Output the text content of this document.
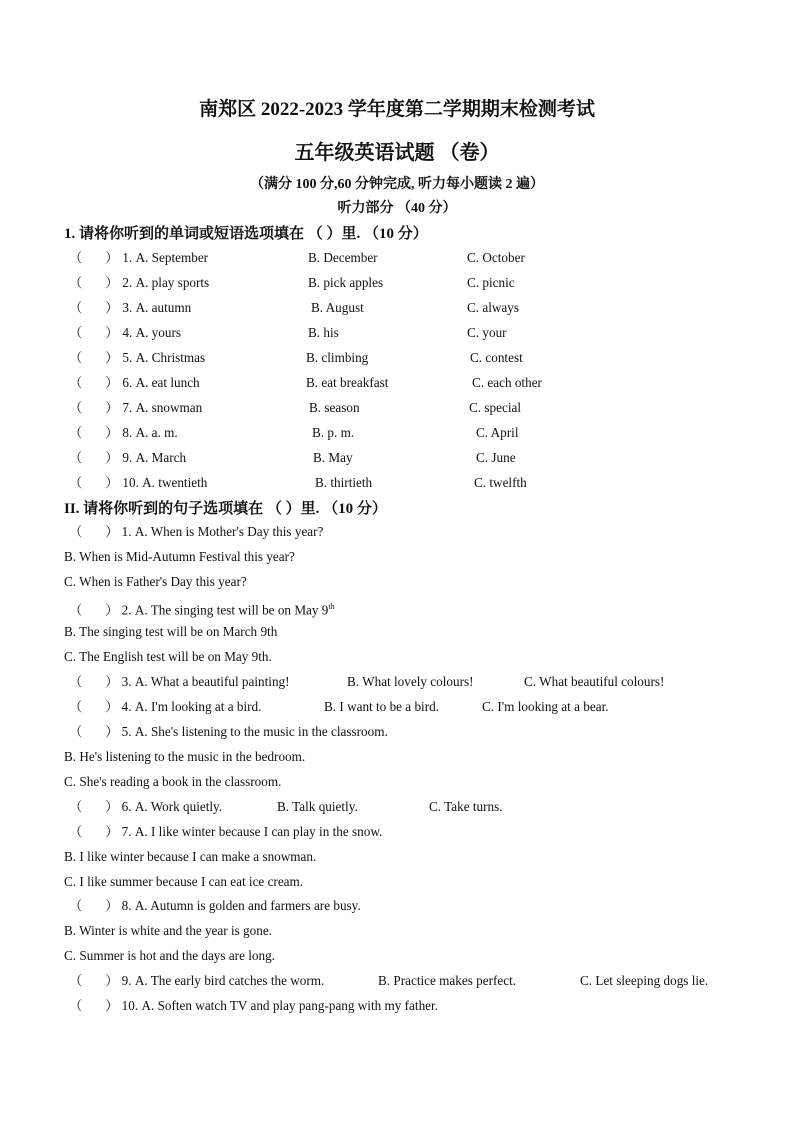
南郑区 2022-2023 学年度第二学期期末检测考试
五年级英语试题 （卷）
（满分 100 分,60 分钟完成, 听力每小题读 2 遍）
听力部分 （40 分）
1. 请将你听到的单词或短语选项填在 （ ）里. （10 分）
（ ） 1. A. September	B. December	C. October
（ ） 2. A. play sports	B. pick apples	C. picnic
（ ） 3. A. autumn	B. August	C. always
（ ） 4. A. yours	B. his	C. your
（ ） 5. A. Christmas	B. climbing	C. contest
（ ） 6. A. eat lunch	B. eat breakfast	C. each other
（ ） 7. A. snowman	B. season	C. special
（ ） 8. A. a. m.	B. p. m.	C. April
（ ） 9. A. March	B. May	C. June
（ ） 10. A. twentieth	B. thirtieth	C. twelfth
II. 请将你听到的句子选项填在 （ ）里. （10 分）
（ ） 1. A. When is Mother's Day this year?
B. When is Mid-Autumn Festival this year?
C. When is Father's Day this year?
（ ） 2. A. The singing test will be on May 9th
B. The singing test will be on March 9th
C. The English test will be on May 9th.
（ ） 3. A. What a beautiful painting!	B. What lovely colours!	C. What beautiful colours!
（ ） 4. A. I'm looking at a bird.	B. I want to be a bird.	C. I'm looking at a bear.
（ ） 5. A. She's listening to the music in the classroom.
B. He's listening to the music in the bedroom.
C. She's reading a book in the classroom.
（ ） 6. A. Work quietly.	B. Talk quietly.	C. Take turns.
（ ） 7. A. I like winter because I can play in the snow.
B. I like winter because I can make a snowman.
C. I like summer because I can eat ice cream.
（ ） 8. A. Autumn is golden and farmers are busy.
B. Winter is white and the year is gone.
C. Summer is hot and the days are long.
（ ） 9. A. The early bird catches the worm.	B. Practice makes perfect.	C. Let sleeping dogs lie.
（ ） 10. A. Soften watch TV and play pang-pang with my father.
